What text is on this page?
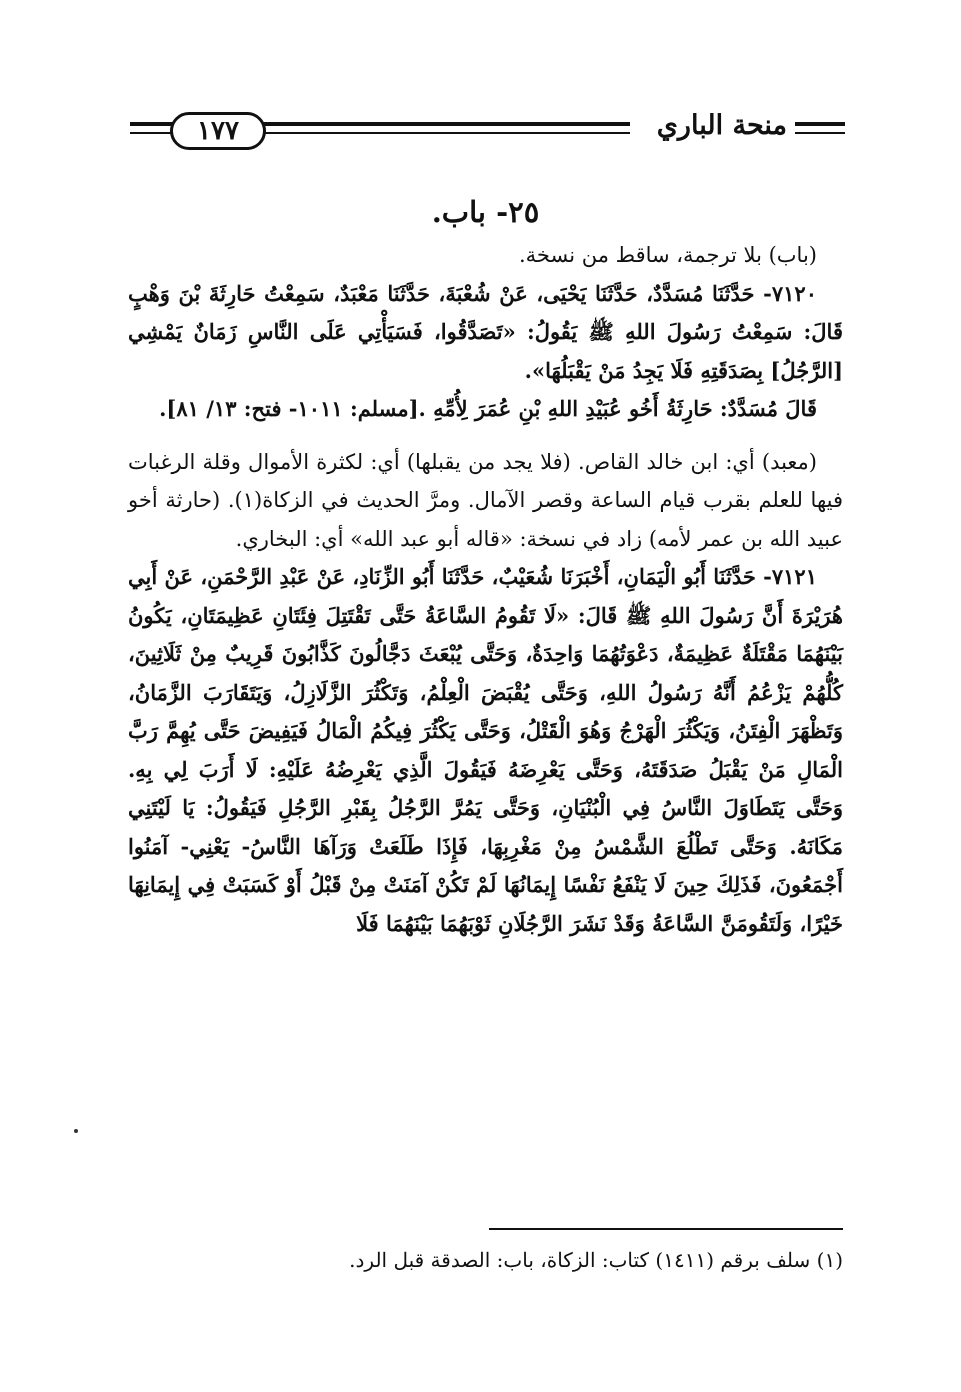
١٧٧	منحة الباري
٢٥- باب.

(باب) بلا ترجمة، ساقط من نسخة.

٧١٢٠- حَدَّثَنَا مُسَدَّدٌ، حَدَّثَنَا يَحْيَى، عَنْ شُعْبَةَ، حَدَّثَنَا مَعْبَدٌ، سَمِعْتُ حَارِثَةَ بْنَ وَهْبٍ قَالَ: سَمِعْتُ رَسُولَ اللهِ ﷺ يَقُولُ: «تَصَدَّقُوا، فَسَيَأْتِي عَلَى النَّاسِ زَمَانٌ يَمْشِي [الرَّجُلُ] بِصَدَقَتِهِ فَلَا يَجِدُ مَنْ يَقْبَلُهَا».

قَالَ مُسَدَّدٌ: حَارِثَةُ أَخُو عُبَيْدِ اللهِ بْنِ عُمَرَ لِأُمِّهِ .[مسلم: ١٠١١- فتح: ١٣/ ٨١].

(معبد) أي: ابن خالد القاص. (فلا يجد من يقبلها) أي: لكثرة الأموال وقلة الرغبات فيها للعلم بقرب قيام الساعة وقصر الآمال. ومرَّ الحديث في الزكاة(١). (حارثة أخو عبيد الله بن عمر لأمه) زاد في نسخة: «قاله أبو عبد الله» أي: البخاري.

٧١٢١- حَدَّثَنَا أَبُو الْيَمَانِ، أَخْبَرَنَا شُعَيْبٌ، حَدَّثَنَا أَبُو الزِّنَادِ، عَنْ عَبْدِ الرَّحْمَنِ، عَنْ أَبِي هُرَيْرَةَ أَنَّ رَسُولَ اللهِ ﷺ قَالَ: «لَا تَقُومُ السَّاعَةُ حَتَّى تَقْتَتِلَ فِئَتَانِ عَظِيمَتَانِ، يَكُونُ بَيْنَهُمَا مَقْتَلَةٌ عَظِيمَةٌ، دَعْوَتُهُمَا وَاحِدَةٌ، وَحَتَّى يُبْعَثَ دَجَّالُونَ كَذَّابُونَ قَرِيبٌ مِنْ ثَلَاثِينَ، كُلُّهُمْ يَزْعُمُ أَنَّهُ رَسُولُ اللهِ، وَحَتَّى يُقْبَضَ الْعِلْمُ، وَتَكْثُرَ الزَّلَازِلُ، وَيَتَقَارَبَ الزَّمَانُ، وَتَظْهَرَ الْفِتَنُ، وَيَكْثُرَ الْهَرْجُ وَهُوَ الْقَتْلُ، وَحَتَّى يَكْثُرَ فِيكُمُ الْمَالُ فَيَفِيضَ حَتَّى يُهِمَّ رَبَّ الْمَالِ مَنْ يَقْبَلُ صَدَقَتَهُ، وَحَتَّى يَعْرِضَهُ فَيَقُولَ الَّذِي يَعْرِضُهُ عَلَيْهِ: لَا أَرَبَ لِي بِهِ. وَحَتَّى يَتَطَاوَلَ النَّاسُ فِي الْبُنْيَانِ، وَحَتَّى يَمُرَّ الرَّجُلُ بِقَبْرِ الرَّجُلِ فَيَقُولُ: يَا لَيْتَنِي مَكَانَهُ. وَحَتَّى تَطْلُعَ الشَّمْسُ مِنْ مَغْرِبِهَا، فَإِذَا طَلَعَتْ وَرَآهَا النَّاسُ- يَعْنِي- آمَنُوا أَجْمَعُونَ، فَذَلِكَ حِينَ لَا يَنْفَعُ نَفْسًا إِيمَانُهَا لَمْ تَكُنْ آمَنَتْ مِنْ قَبْلُ أَوْ كَسَبَتْ فِي إِيمَانِهَا خَيْرًا، وَلَتَقُومَنَّ السَّاعَةُ وَقَدْ نَشَرَ الرَّجُلَانِ ثَوْبَهُمَا بَيْنَهُمَا فَلَا

(١) سلف برقم (١٤١١) كتاب: الزكاة، باب: الصدقة قبل الرد.
